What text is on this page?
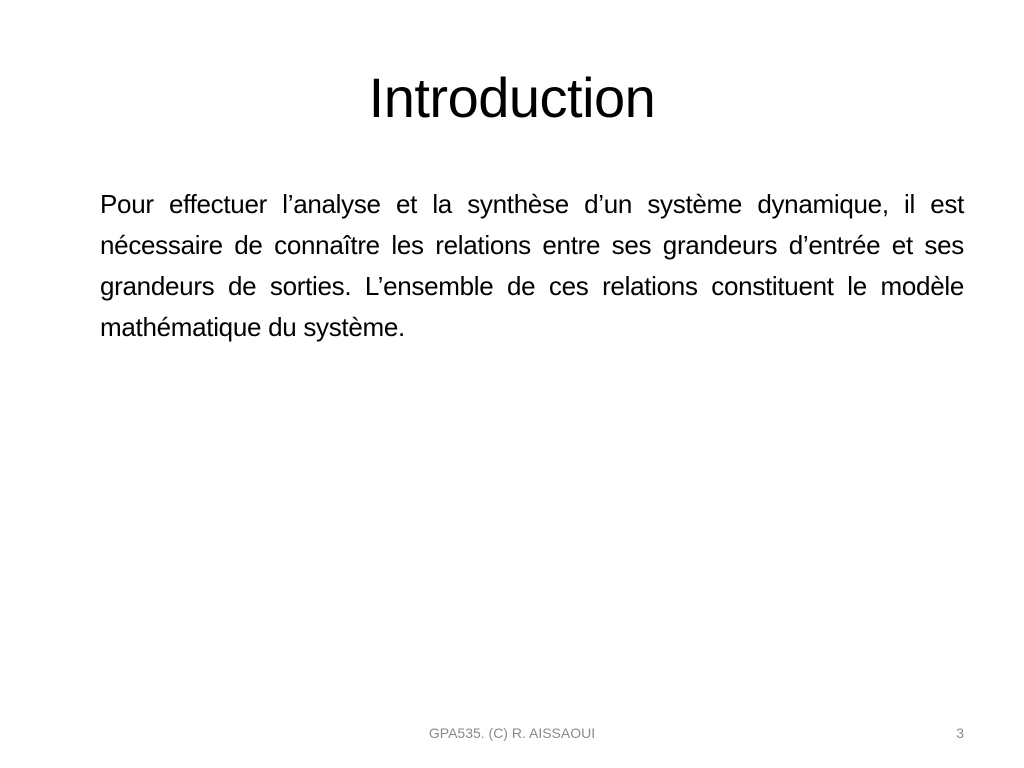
Introduction

Pour effectuer l’analyse et la synthèse d’un système dynamique, il est nécessaire de connaître les relations entre ses grandeurs d’entrée et ses grandeurs de sorties. L’ensemble de ces relations constituent le modèle mathématique du système.

GPA535. (C) R. AISSAOUI	3
